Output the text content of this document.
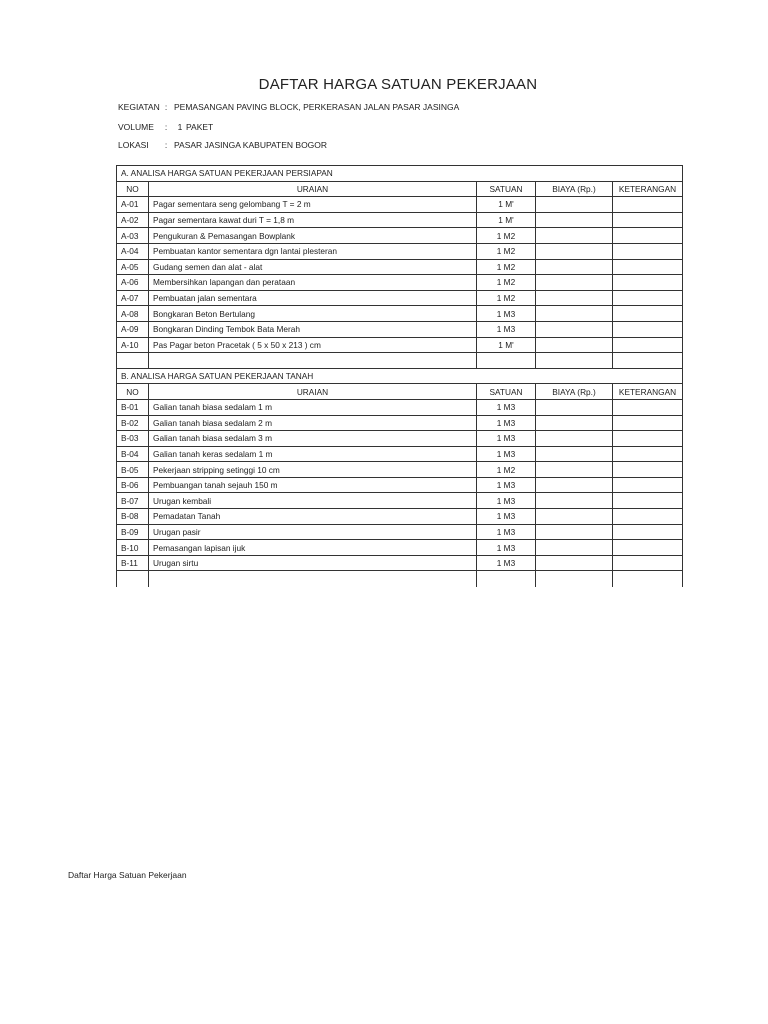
DAFTAR HARGA SATUAN PEKERJAAN
KEGIATAN : PEMASANGAN PAVING BLOCK, PERKERASAN JALAN PASAR JASINGA
VOLUME : 1 PAKET
LOKASI : PASAR JASINGA KABUPATEN BOGOR
A. ANALISA HARGA SATUAN PEKERJAAN PERSIAPAN				
NO	URAIAN	SATUAN	BIAYA (Rp.)	KETERANGAN
A-01	Pagar sementara seng gelombang T = 2 m	1 M'		
A-02	Pagar sementara kawat duri T = 1,8 m	1 M'		
A-03	Pengukuran & Pemasangan Bowplank	1 M2		
A-04	Pembuatan kantor sementara dgn lantai plesteran	1 M2		
A-05	Gudang semen dan alat - alat	1 M2		
A-06	Membersihkan lapangan dan perataan	1 M2		
A-07	Pembuatan jalan sementara	1 M2		
A-08	Bongkaran Beton Bertulang	1 M3		
A-09	Bongkaran Dinding Tembok Bata Merah	1 M3		
A-10	Pas Pagar beton Pracetak ( 5 x 50 x 213 ) cm	1 M'		

B. ANALISA HARGA SATUAN PEKERJAAN TANAH				
NO	URAIAN	SATUAN	BIAYA (Rp.)	KETERANGAN
B-01	Galian tanah biasa sedalam 1 m	1 M3		
B-02	Galian tanah biasa sedalam 2 m	1 M3		
B-03	Galian tanah biasa sedalam 3 m	1 M3		
B-04	Galian tanah keras sedalam 1 m	1 M3		
B-05	Pekerjaan stripping setinggi 10 cm	1 M2		
B-06	Pembuangan tanah sejauh 150 m	1 M3		
B-07	Urugan kembali	1 M3		
B-08	Pemadatan Tanah	1 M3		
B-09	Urugan pasir	1 M3		
B-10	Pemasangan lapisan ijuk	1 M3		
B-11	Urugan sirtu	1 M3		

Daftar Harga Satuan Pekerjaan
